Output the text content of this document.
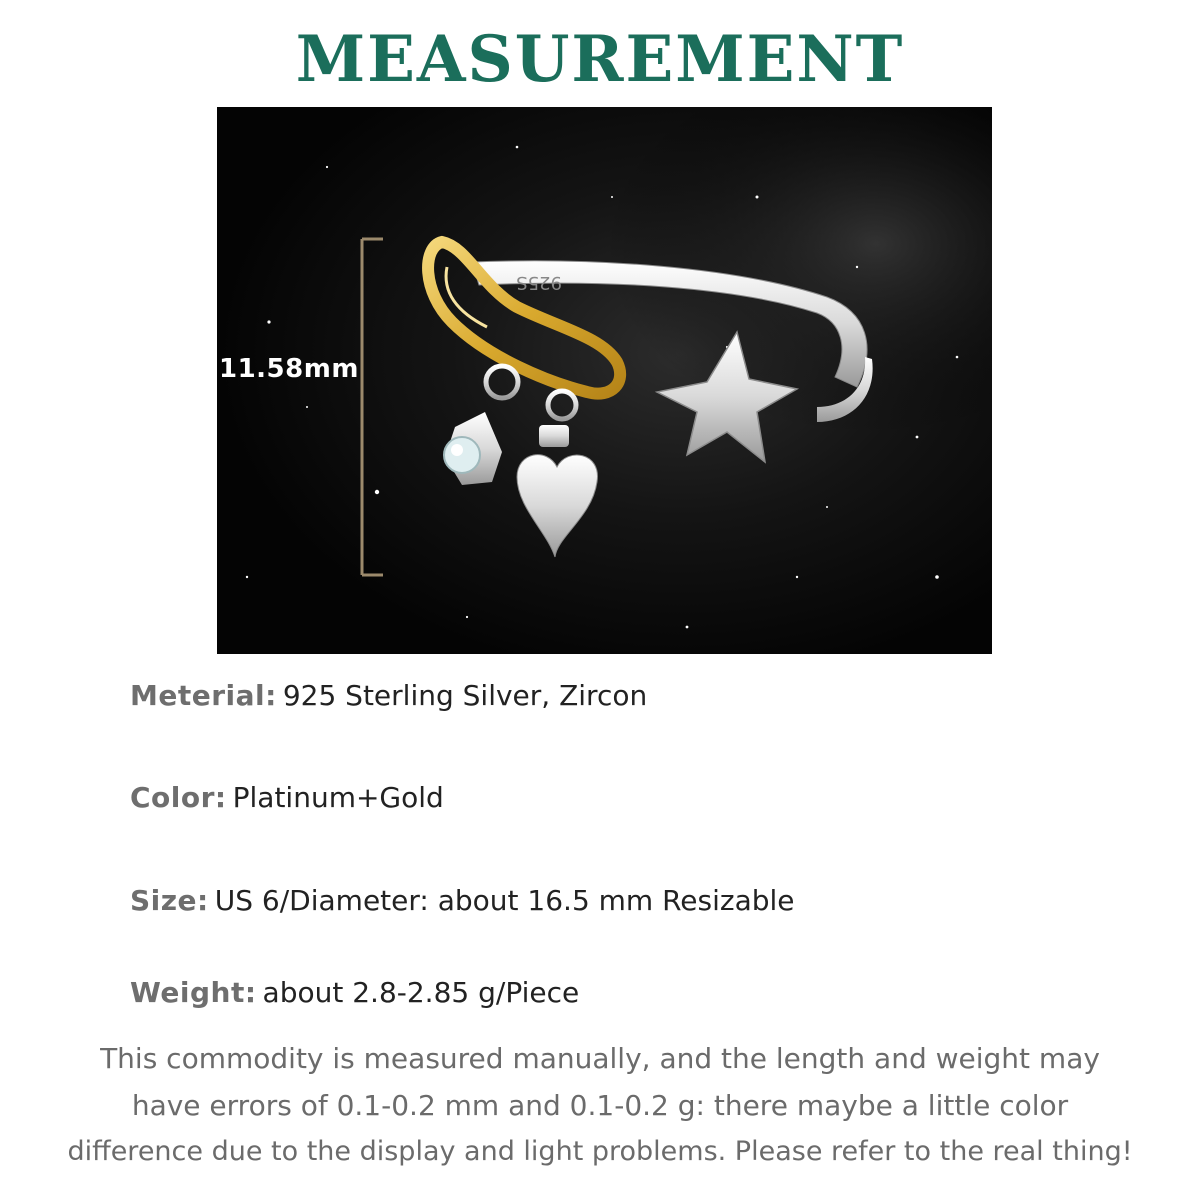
MEASUREMENT
925S
11.58mm
Meterial: 925 Sterling Silver, Zircon
Color: Platinum+Gold
Size: US 6/Diameter: about 16.5 mm Resizable
Weight: about 2.8-2.85 g/Piece
This commodity is measured manually, and the length and weight may
have errors of 0.1-0.2 mm and 0.1-0.2 g: there maybe a little color
difference due to the display and light problems. Please refer to the real thing!
